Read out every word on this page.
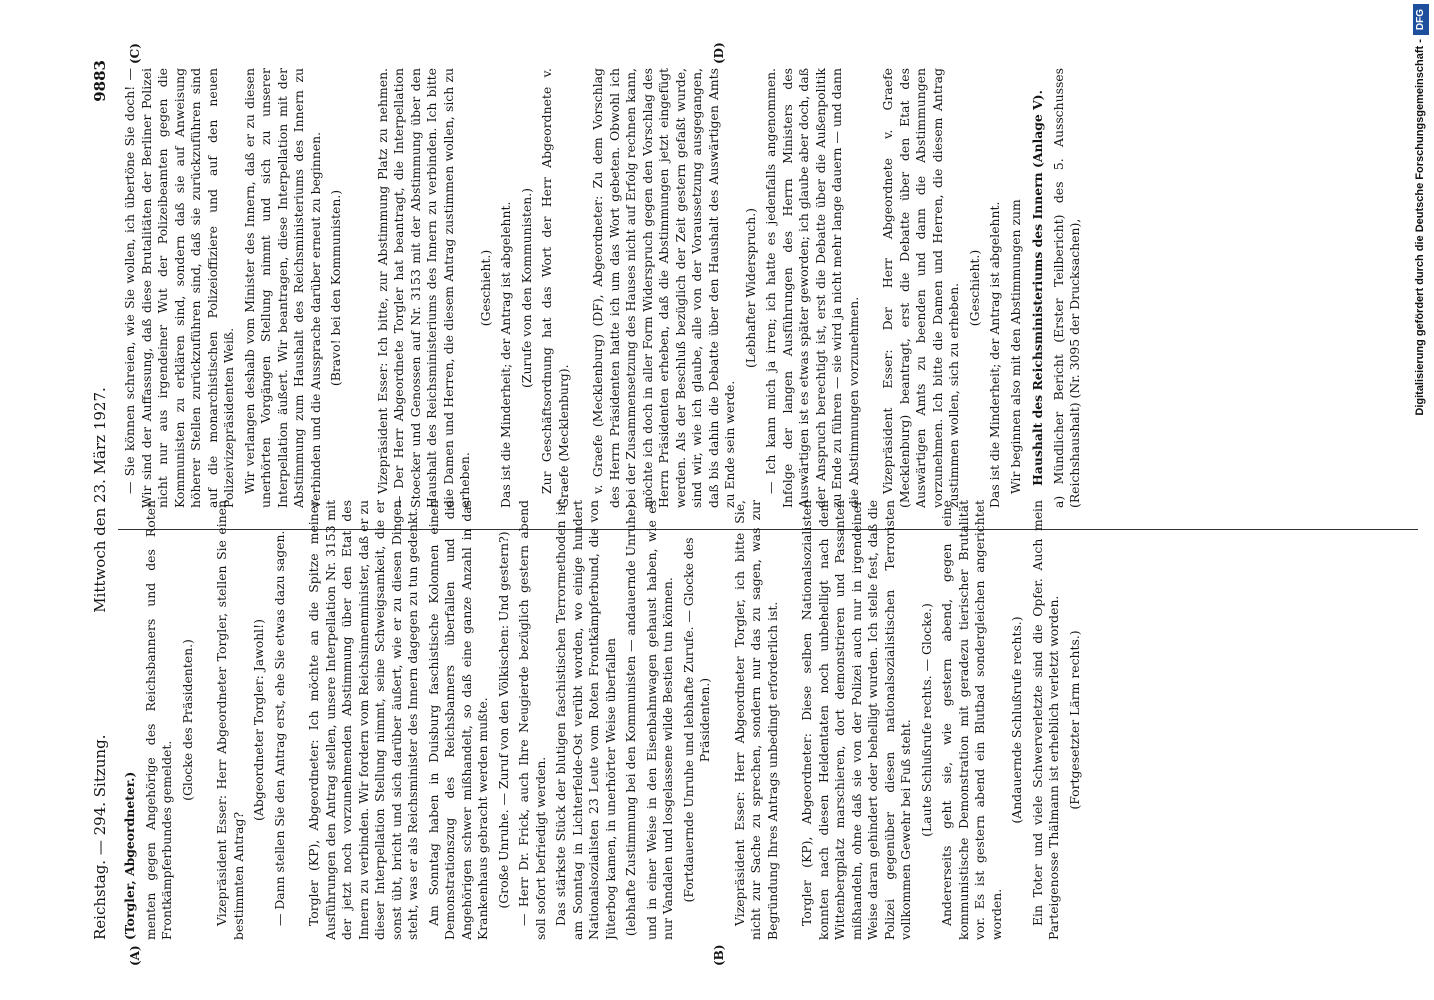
Reichstag. — 294. Sitzung.
Mittwoch den 23. März 1927.
9883
(A)	(B)
(C)	(D)

(Torgler, Abgeordneter.) menten gegen Angehörige des Reichsbanners und des Roten Frontkämpferbundes gemeldet.

(Glocke des Präsidenten.) Vizepräsident Esser: Herr Abgeordneter Torgler, stellen Sie einen bestimmten Antrag?

(Abgeordneter Torgler: Jawohl!) — Dann stellen Sie den Antrag erst, ehe Sie etwas dazu sagen. Torgler (KP), Abgeordneter: Ich möchte an die Spitze meiner Ausführungen den Antrag stellen, unsere Interpellation Nr. 3153 mit der jetzt noch vorzunehmenden Abstimmung über den Etat des Innern zu verbinden. Wir fordern vom Reichsinnenminister, daß er zu dieser Interpellation Stellung nimmt, seine Schweigsamkeit, die er sonst übt, bricht und sich darüber äußert, wie er zu diesen Dingen steht, was er als Reichsminister des Innern dagegen zu tun gedenkt. Am Sonntag haben in Duisburg faschistische Kolonnen einen Demonstrationszug des Reichsbanners überfallen und die Angehörigen schwer mißhandelt, so daß eine ganze Anzahl in das Krankenhaus gebracht werden mußte. (Große Unruhe. — Zuruf von den Völkischen: Und gestern?) — Herr Dr. Frick, auch Ihre Neugierde bezüglich gestern abend soll sofort befriedigt werden. Das stärkste Stück der blutigen faschistischen Terrormethoden ist am Sonntag in Lichterfelde-Ost verübt worden, wo einige hundert Nationalsozialisten 23 Leute vom Roten Frontkämpferbund, die von Jüterbog kamen, in unerhörter Weise überfallen (lebhafte Zustimmung bei den Kommunisten — andauernde Unruhe) und in einer Weise in den Eisenbahnwagen gehaust haben, wie es nur Vandalen und losgelassene wilde Bestien tun können. (Fortdauernde Unruhe und lebhafte Zurufe. — Glocke des Präsidenten.) Vizepräsident Esser: Herr Abgeordneter Torgler, ich bitte Sie, nicht zur Sache zu sprechen, sondern nur das zu sagen, was zur Begründung Ihres Antrags unbedingt erforderlich ist. Torgler (KP), Abgeordneter: Diese selben Nationalsozialisten konnten nach diesen Heldentaten noch unbehelligt nach dem Wittenbergplatz marschieren, dort demonstrieren und Passanten mißhandeln, ohne daß sie von der Polizei auch nur in irgendeiner Weise daran gehindert oder behelligt wurden. Ich stelle fest, daß die Polizei gegenüber diesen nationalsozialistischen Terroristen vollkommen Gewehr bei Fuß steht. (Laute Schlußrufe rechts. — Glocke.) Andererseits geht sie, wie gestern abend, gegen eine kommunistische Demonstration mit geradezu tierischer Brutalität vor. Es ist gestern abend ein Blutbad sondergleichen angerichtet worden.

(Andauernde Schlußrufe rechts.) Ein Toter und viele Schwerverletzte sind die Opfer. Auch mein Parteigenosse Thälmann ist erheblich verletzt worden. (Fortgesetzter Lärm rechts.)

— Sie können schreien, wie Sie wollen, ich übertöne Sie doch! — Wir sind der Auffassung, daß diese Brutalitäten der Berliner Polizei nicht nur aus irgendeiner Wut der Polizeibeamten gegen die Kommunisten zu erklären sind, sondern daß sie auf Anweisung höherer Stellen zurückzuführen sind, daß sie zurückzuführen sind auf die monarchistischen Polizeioffiziere und auf den neuen Polizeivizepräsidenten Weiß. Wir verlangen deshalb vom Minister des Innern, daß er zu diesen unerhörten Vorgängen Stellung nimmt und sich zu unserer Interpellation äußert. Wir beantragen, diese Interpellation mit der Abstimmung zum Haushalt des Reichsministeriums des Innern zu verbinden und die Aussprache darüber erneut zu beginnen. (Bravo! bei den Kommunisten.)	Vizepräsident Esser: Ich bitte, zur Abstimmung Platz zu nehmen. — Der Herr Abgeordnete Torgler hat beantragt, die Interpellation Stoecker und Genossen auf Nr. 3153 mit der Abstimmung über den Haushalt des Reichsministeriums des Innern zu verbinden. Ich bitte die Damen und Herren, die diesem Antrag zustimmen wollen, sich zu erheben.

(Geschieht.) Das ist die Minderheit; der Antrag ist abgelehnt. (Zurufe von den Kommunisten.) Zur Geschäftsordnung hat das Wort der Herr Abgeordnete v. Graefe (Mecklenburg). v. Graefe (Mecklenburg) (DF), Abgeordneter: Zu dem Vorschlag des Herrn Präsidenten hatte ich um das Wort gebeten. Obwohl ich bei der Zusammensetzung des Hauses nicht auf Erfolg rechnen kann, möchte ich doch in aller Form Widerspruch gegen den Vorschlag des Herrn Präsidenten erheben, daß die Abstimmungen jetzt eingefügt werden. Als der Beschluß bezüglich der Zeit gestern gefaßt wurde, sind wir, wie ich glaube, alle von der Voraussetzung ausgegangen, daß bis dahin die Debatte über den Haushalt des Auswärtigen Amts zu Ende sein werde.

(Lebhafter Widerspruch.) — Ich kann mich ja irren; ich hatte es jedenfalls angenommen. Infolge der langen Ausführungen des Herrn Ministers des Auswärtigen ist es etwas später geworden; ich glaube aber doch, daß der Anspruch berechtigt ist, erst die Debatte über die Außenpolitik zu Ende zu führen — sie wird ja nicht mehr lange dauern — und dann die Abstimmungen vorzunehmen. Vizepräsident Esser: Der Herr Abgeordnete v. Graefe (Mecklenburg) beantragt, erst die Debatte über den Etat des Auswärtigen Amts zu beenden und dann die Abstimmungen vorzunehmen. Ich bitte die Damen und Herren, die diesem Antrag zustimmen wollen, sich zu erheben. (Geschieht.) Das ist die Minderheit; der Antrag ist abgelehnt. Wir beginnen also mit den Abstimmungen zum Haushalt des Reichsministeriums des Innern (Anlage V). a) Mündlicher Bericht (Erster Teilbericht) des 5. Ausschusses (Reichshaushalt) (Nr. 3095 der Drucksachen),	Digitalisierung gefördert durch die Deutsche Forschungsgemeinschaft -DFG
